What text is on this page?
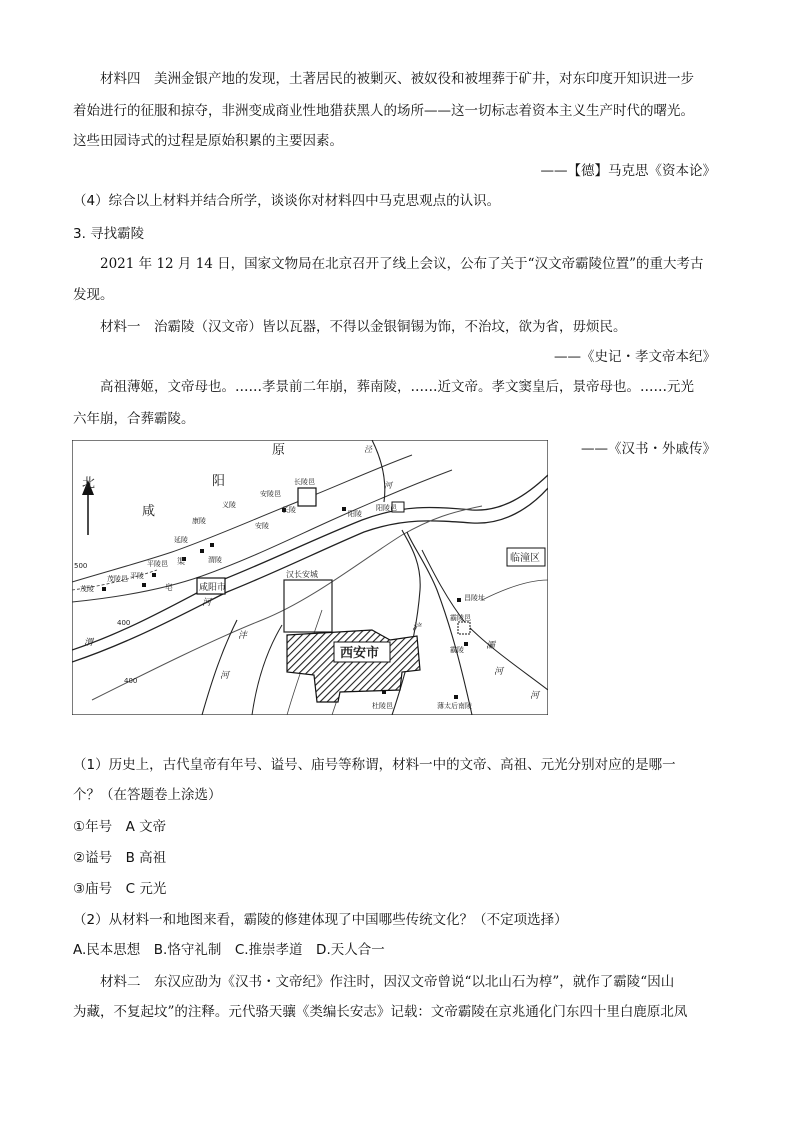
材料四　美洲金银产地的发现，土著居民的被剿灭、被奴役和被埋葬于矿井，对东印度开知识进一步
着始进行的征服和掠夺，非洲变成商业性地猎获黑人的场所——这一切标志着资本主义生产时代的曙光。
这些田园诗式的过程是原始积累的主要因素。
——【德】马克思《资本论》
（4）综合以上材料并结合所学，谈谈你对材料四中马克思观点的认识。
3. 寻找霸陵
2021 年 12 月 14 日，国家文物局在北京召开了线上会议，公布了关于“汉文帝霸陵位置”的重大考古
发现。
材料一　治霸陵（汉文帝）皆以瓦器，不得以金银铜锡为饰，不治坟，欲为省，毋烦民。
——《史记・孝文帝本纪》
高祖薄姬，文帝母也。……孝景前二年崩，葬南陵，……近文帝。孝文窦皇后，景帝母也。……元光
六年崩，合葬霸陵。
——《汉书・外戚传》
北
原
阳
咸
西安市
咸阳市
临潼区
汉长安城
长陵邑
安陵邑
长陵
安陵
阳陵邑
阳陵
义陵
康陵
延陵
渭陵
平陵邑
平陵
茂陵邑
茂陵
昌陵址
霸陵邑
霸陵
杜陵邑	薄太后南陵
500
400
400
渭
河
泾
河
沣
河
浐
灞
河
河
渠
皂
（1）历史上，古代皇帝有年号、谥号、庙号等称谓，材料一中的文帝、高祖、元光分别对应的是哪一
个？（在答题卷上涂选）
①年号　A 文帝
②谥号　B 高祖
③庙号　C 元光
（2）从材料一和地图来看，霸陵的修建体现了中国哪些传统文化？（不定项选择）
A.民本思想　B.恪守礼制　C.推崇孝道　D.天人合一
材料二　东汉应劭为《汉书・文帝纪》作注时，因汉文帝曾说“以北山石为椁”，就作了霸陵“因山
为藏，不复起坟”的注释。元代骆天骧《类编长安志》记载：文帝霸陵在京兆通化门东四十里白鹿原北凤
